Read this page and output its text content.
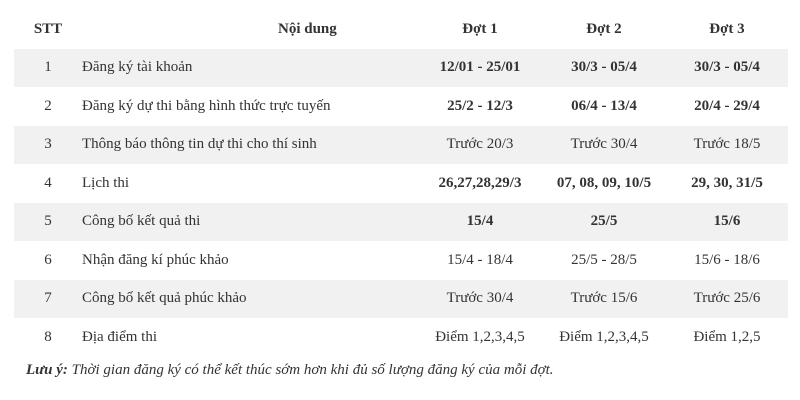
STT	Nội dung	Đợt 1	Đợt 2	Đợt 3
1	Đăng ký tài khoản	12/01 - 25/01	30/3 - 05/4	30/3 - 05/4
2	Đăng ký dự thi bằng hình thức trực tuyến	25/2 - 12/3	06/4 - 13/4	20/4 - 29/4
3	Thông báo thông tin dự thi cho thí sinh	Trước 20/3	Trước 30/4	Trước 18/5
4	Lịch thi	26,27,28,29/3	07, 08, 09, 10/5	29, 30, 31/5
5	Công bố kết quả thi	15/4	25/5	15/6
6	Nhận đăng kí phúc khảo	15/4 - 18/4	25/5 - 28/5	15/6 - 18/6
7	Công bố kết quả phúc khảo	Trước 30/4	Trước 15/6	Trước 25/6
8	Địa điểm thi	Điểm 1,2,3,4,5	Điểm 1,2,3,4,5	Điểm 1,2,5
Lưu ý: Thời gian đăng ký có thể kết thúc sớm hơn khi đủ số lượng đăng ký của mỗi đợt.
